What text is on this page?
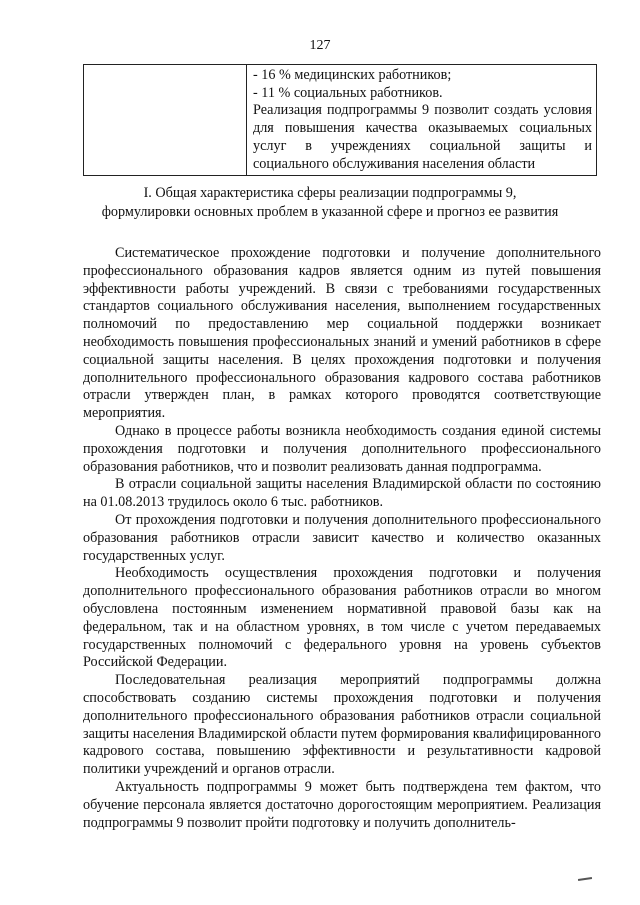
127

- 16 % медицинских работников;
- 11 % социальных работников.
Реализация подпрограммы 9 позволит создать условия для повышения качества оказываемых социальных услуг в учреждениях социальной защиты и социального обслуживания населения области
I. Общая характеристика сферы реализации подпрограммы 9,
формулировки основных проблем в указанной сфере и прогноз ее развития

Систематическое прохождение подготовки и получение дополнительного профессионального образования кадров является одним из путей повышения эффективности работы учреждений. В связи с требованиями государственных стандартов социального обслуживания населения, выполнением государственных полномочий по предоставлению мер социальной поддержки возникает необходимость повышения профессиональных знаний и умений работников в сфере социальной защиты населения. В целях прохождения подготовки и получения дополнительного профессионального образования кадрового состава работников отрасли утвержден план, в рамках которого проводятся соответствующие мероприятия.

Однако в процессе работы возникла необходимость создания единой системы прохождения подготовки и получения дополнительного профессионального образования работников, что и позволит реализовать данная подпрограмма.

В отрасли социальной защиты населения Владимирской области по состоянию на 01.08.2013 трудилось около 6 тыс. работников.

От прохождения подготовки и получения дополнительного профессионального образования работников отрасли зависит качество и количество оказанных государственных услуг.

Необходимость осуществления прохождения подготовки и получения дополнительного профессионального образования работников отрасли во многом обусловлена постоянным изменением нормативной правовой базы как на федеральном, так и на областном уровнях, в том числе с учетом передаваемых государственных полномочий с федерального уровня на уровень субъектов Российской Федерации.

Последовательная реализация мероприятий подпрограммы должна способствовать созданию системы прохождения подготовки и получения дополнительного профессионального образования работников отрасли социальной защиты населения Владимирской области путем формирования квалифицированного кадрового состава, повышению эффективности и результативности кадровой политики учреждений и органов отрасли.

Актуальность подпрограммы 9 может быть подтверждена тем фактом, что обучение персонала является достаточно дорогостоящим мероприятием. Реализация подпрограммы 9 позволит пройти подготовку и получить дополнитель-
